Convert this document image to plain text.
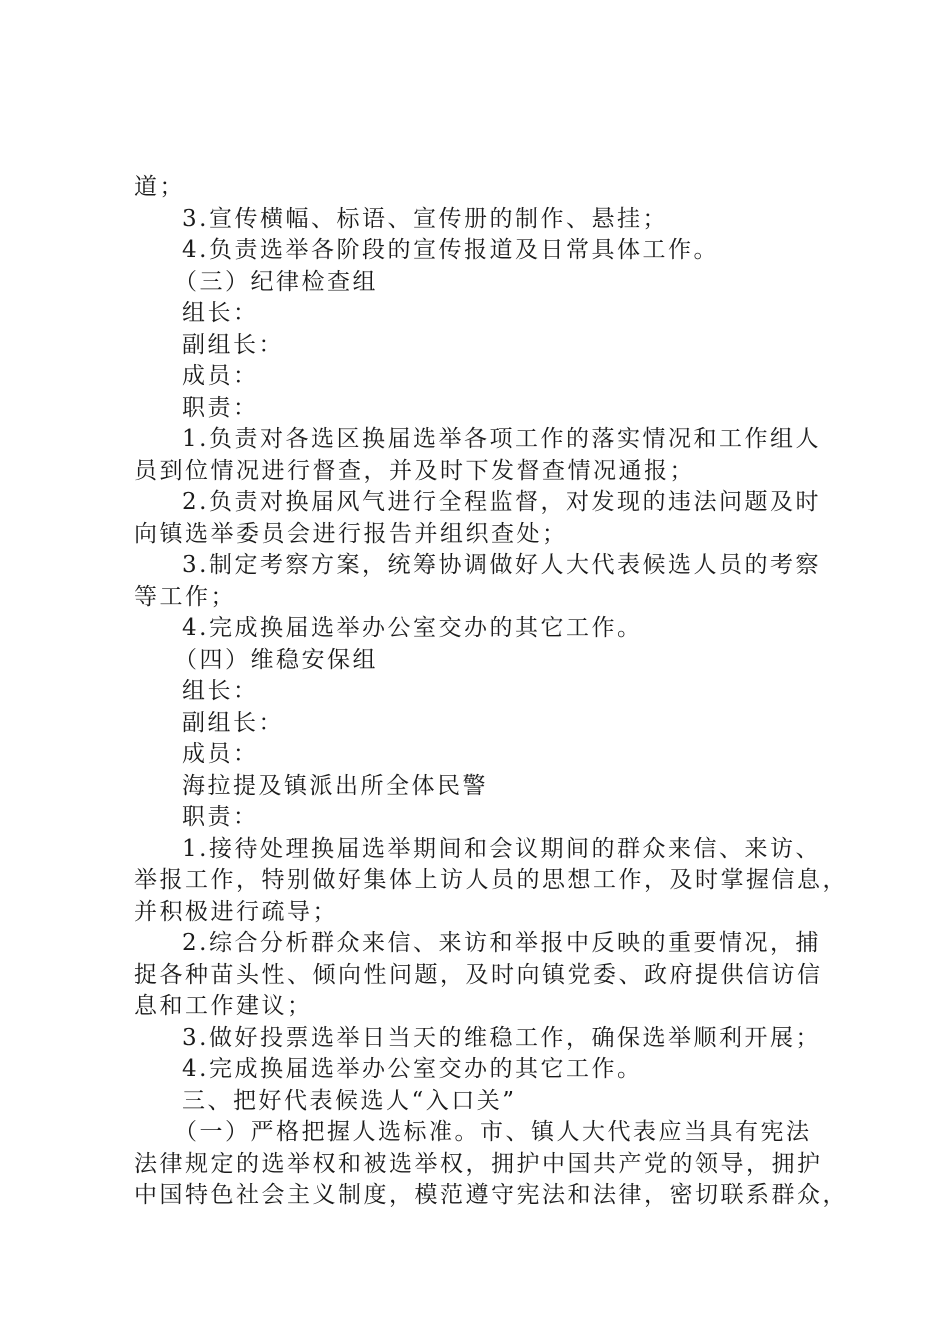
道；
3.宣传横幅、标语、宣传册的制作、悬挂；
4.负责选举各阶段的宣传报道及日常具体工作。
（三）纪律检查组
组长：
副组长：
成员：
职责：
1.负责对各选区换届选举各项工作的落实情况和工作组人
员到位情况进行督查，并及时下发督查情况通报；
2.负责对换届风气进行全程监督，对发现的违法问题及时
向镇选举委员会进行报告并组织查处；
3.制定考察方案，统筹协调做好人大代表候选人员的考察
等工作；
4.完成换届选举办公室交办的其它工作。
（四）维稳安保组
组长：
副组长：
成员：
海拉提及镇派出所全体民警
职责：
1.接待处理换届选举期间和会议期间的群众来信、来访、
举报工作，特别做好集体上访人员的思想工作，及时掌握信息，
并积极进行疏导；
2.综合分析群众来信、来访和举报中反映的重要情况，捕
捉各种苗头性、倾向性问题，及时向镇党委、政府提供信访信
息和工作建议；
3.做好投票选举日当天的维稳工作，确保选举顺利开展；
4.完成换届选举办公室交办的其它工作。
三、把好代表候选人“入口关”
（一）严格把握人选标准。市、镇人大代表应当具有宪法
法律规定的选举权和被选举权，拥护中国共产党的领导，拥护
中国特色社会主义制度，模范遵守宪法和法律，密切联系群众，
